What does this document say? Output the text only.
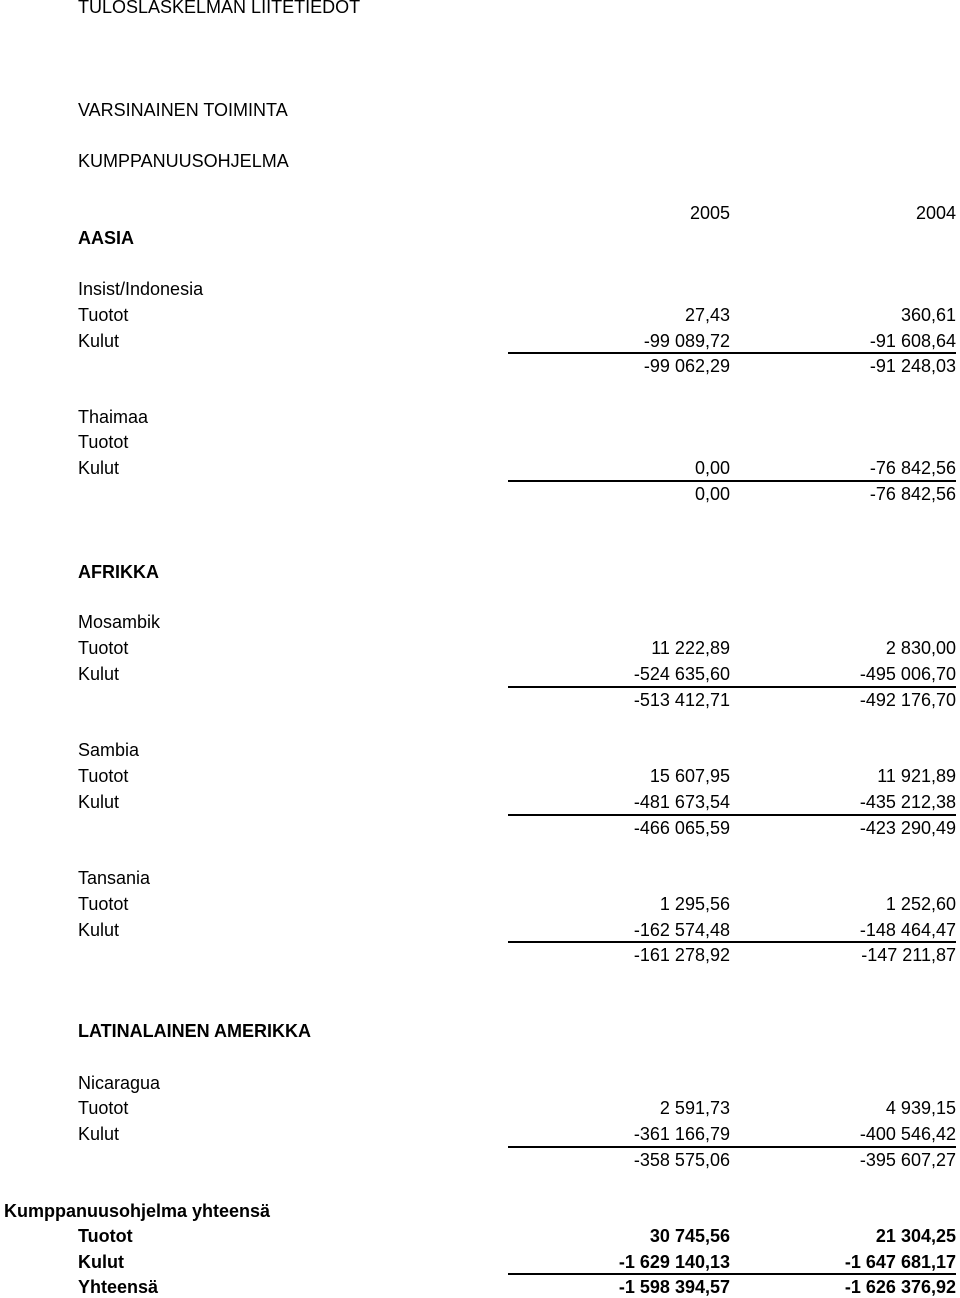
TULOSLASKELMAN LIITETIEDOT
VARSINAINEN TOIMINTA
KUMPPANUUSOHJELMA
2005	2004
AASIA
Insist/Indonesia
Tuotot	27,43	360,61
Kulut	-99 089,72	-91 608,64
-99 062,29	-91 248,03
Thaimaa
Tuotot
Kulut	0,00	-76 842,56
0,00	-76 842,56
AFRIKKA
Mosambik
Tuotot	11 222,89	2 830,00
Kulut	-524 635,60	-495 006,70
-513 412,71	-492 176,70
Sambia
Tuotot	15 607,95	11 921,89
Kulut	-481 673,54	-435 212,38
-466 065,59	-423 290,49
Tansania
Tuotot	1 295,56	1 252,60
Kulut	-162 574,48	-148 464,47
-161 278,92	-147 211,87
LATINALAINEN AMERIKKA
Nicaragua
Tuotot	2 591,73	4 939,15
Kulut	-361 166,79	-400 546,42
-358 575,06	-395 607,27
Kumppanuusohjelma yhteensä
Tuotot	30 745,56	21 304,25
Kulut	-1 629 140,13	-1 647 681,17
Yhteensä	-1 598 394,57	-1 626 376,92
